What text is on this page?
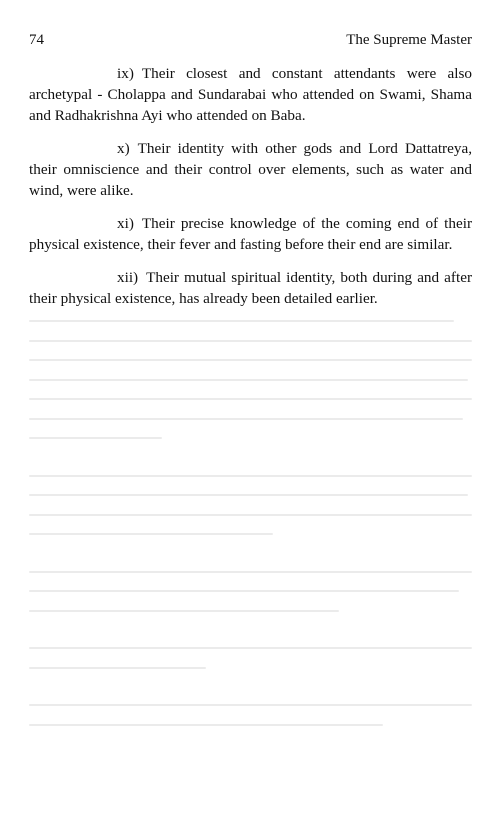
74	The Supreme Master

ix) Their closest and constant attendants were also archetypal - Cholappa and Sundarabai who attended on Swami, Shama and Radhakrishna Ayi who attended on Baba.

x) Their identity with other gods and Lord Dattatreya, their omniscience and their control over elements, such as water and wind, were alike.

xi) Their precise knowledge of the coming end of their physical existence, their fever and fasting before their end are similar.

xii) Their mutual spiritual identity, both during and after their physical existence, has already been detailed earlier.
